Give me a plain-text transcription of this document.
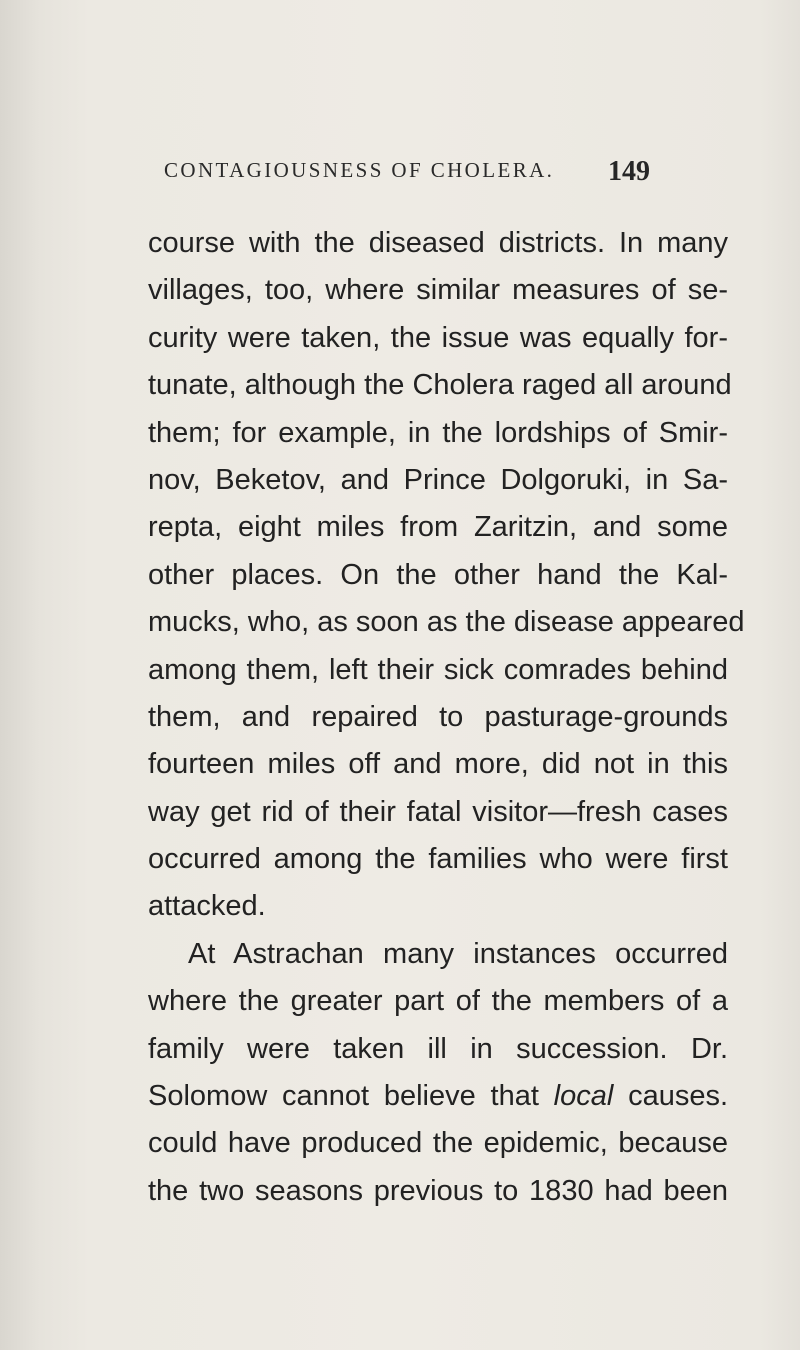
CONTAGIOUSNESS OF CHOLERA. 149
course with the diseased districts. In many
villages, too, where similar measures of se-
curity were taken, the issue was equally for-
tunate, although the Cholera raged all around
them; for example, in the lordships of Smir-
nov, Beketov, and Prince Dolgoruki, in Sa-
repta, eight miles from Zaritzin, and some
other places. On the other hand the Kal-
mucks, who, as soon as the disease appeared
among them, left their sick comrades behind
them, and repaired to pasturage-grounds
fourteen miles off and more, did not in this
way get rid of their fatal visitor—fresh cases
occurred among the families who were first
attacked.
At Astrachan many instances occurred
where the greater part of the members of a
family were taken ill in succession. Dr.
Solomow cannot believe that local causes.
could have produced the epidemic, because
the two seasons previous to 1830 had been
